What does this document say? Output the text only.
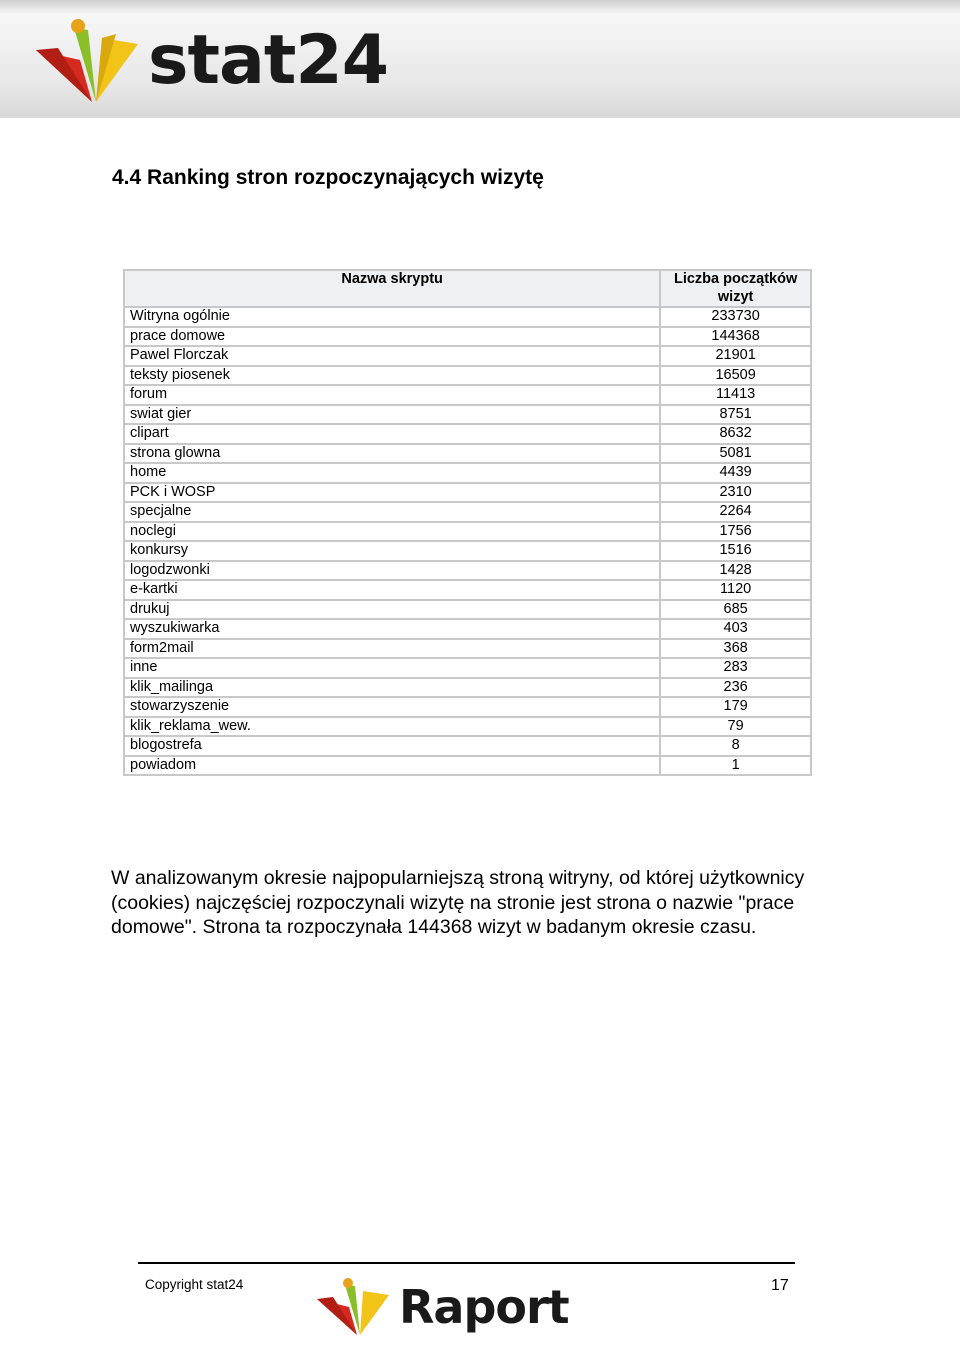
stat24
4.4 Ranking stron rozpoczynających wizytę
Nazwa skryptu	Liczba początków
wizyt

Witryna ogólnie	233730
prace domowe	144368
Pawel Florczak	21901
teksty piosenek	16509
forum	11413
swiat gier	8751
clipart	8632
strona glowna	5081
home	4439
PCK i WOSP	2310
specjalne	2264
noclegi	1756
konkursy	1516
logodzwonki	1428
e-kartki	1120
drukuj	685
wyszukiwarka	403
form2mail	368
inne	283
klik_mailinga	236
stowarzyszenie	179
klik_reklama_wew.	79
blogostrefa	8
powiadom	1

W analizowanym okresie najpopularniejszą stroną witryny, od której użytkownicy (cookies) najczęściej rozpoczynali wizytę na stronie jest strona o nazwie "prace domowe". Strona ta rozpoczynała 144368 wizyt w badanym okresie czasu.

Copyright stat24	Raport	17
